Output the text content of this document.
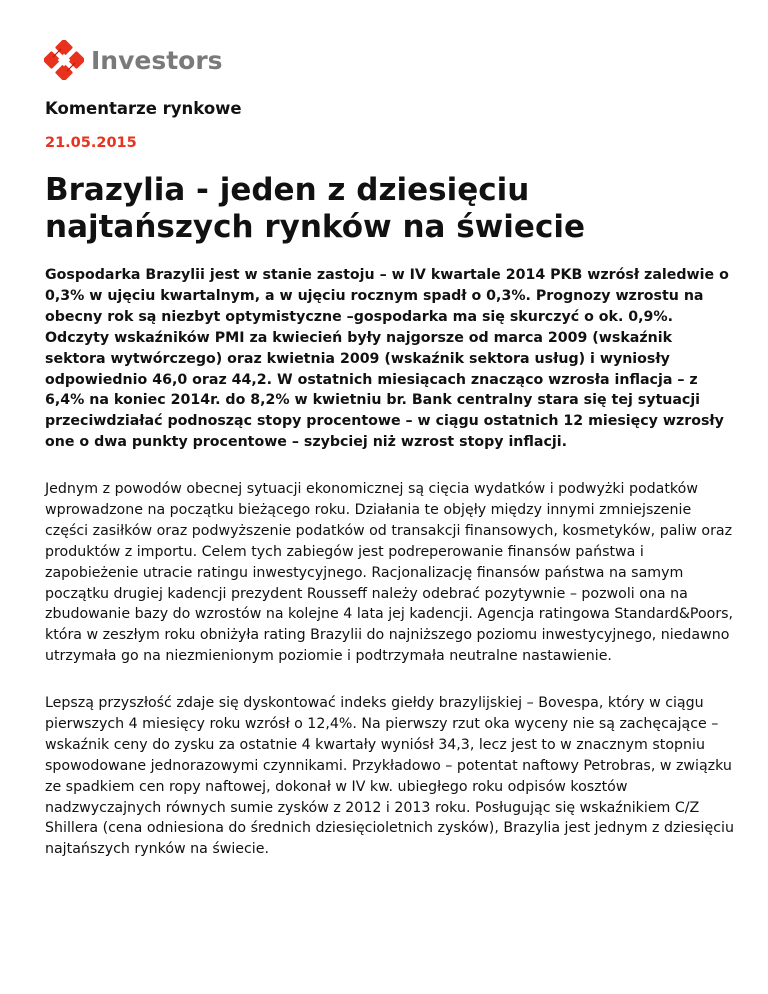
Investors
Komentarze rynkowe

21.05.2015

Brazylia - jeden z dziesięciu najtańszych rynków na świecie

Gospodarka Brazylii jest w stanie zastoju – w IV kwartale 2014 PKB wzrósł zaledwie o 0,3% w ujęciu kwartalnym, a w ujęciu rocznym spadł o 0,3%. Prognozy wzrostu na obecny rok są niezbyt optymistyczne –gospodarka ma się skurczyć o ok. 0,9%. Odczyty wskaźników PMI za kwiecień były najgorsze od marca 2009 (wskaźnik sektora wytwórczego) oraz kwietnia 2009 (wskaźnik sektora usług) i wyniosły odpowiednio 46,0 oraz 44,2. W ostatnich miesiącach znacząco wzrosła inflacja – z 6,4% na koniec 2014r. do 8,2% w kwietniu br. Bank centralny stara się tej sytuacji przeciwdziałać podnosząc stopy procentowe – w ciągu ostatnich 12 miesięcy wzrosły one o dwa punkty procentowe – szybciej niż wzrost stopy inflacji.

Jednym z powodów obecnej sytuacji ekonomicznej są cięcia wydatków i podwyżki podatków wprowadzone na początku bieżącego roku. Działania te objęły między innymi zmniejszenie części zasiłków oraz podwyższenie podatków od transakcji finansowych, kosmetyków, paliw oraz produktów z importu. Celem tych zabiegów jest podreperowanie finansów państwa i zapobieżenie utracie ratingu inwestycyjnego. Racjonalizację finansów państwa na samym początku drugiej kadencji prezydent Rousseff należy odebrać pozytywnie – pozwoli ona na zbudowanie bazy do wzrostów na kolejne 4 lata jej kadencji. Agencja ratingowa Standard&Poors, która w zeszłym roku obniżyła rating Brazylii do najniższego poziomu inwestycyjnego, niedawno utrzymała go na niezmienionym poziomie i podtrzymała neutralne nastawienie.

Lepszą przyszłość zdaje się dyskontować indeks giełdy brazylijskiej – Bovespa, który w ciągu pierwszych 4 miesięcy roku wzrósł o 12,4%. Na pierwszy rzut oka wyceny nie są zachęcające – wskaźnik ceny do zysku za ostatnie 4 kwartały wyniósł 34,3, lecz jest to w znacznym stopniu spowodowane jednorazowymi czynnikami. Przykładowo – potentat naftowy Petrobras, w związku ze spadkiem cen ropy naftowej, dokonał w IV kw. ubiegłego roku odpisów kosztów nadzwyczajnych równych sumie zysków z 2012 i 2013 roku. Posługując się wskaźnikiem C/Z Shillera (cena odniesiona do średnich dziesięcioletnich zysków), Brazylia jest jednym z dziesięciu najtańszych rynków na świecie.
